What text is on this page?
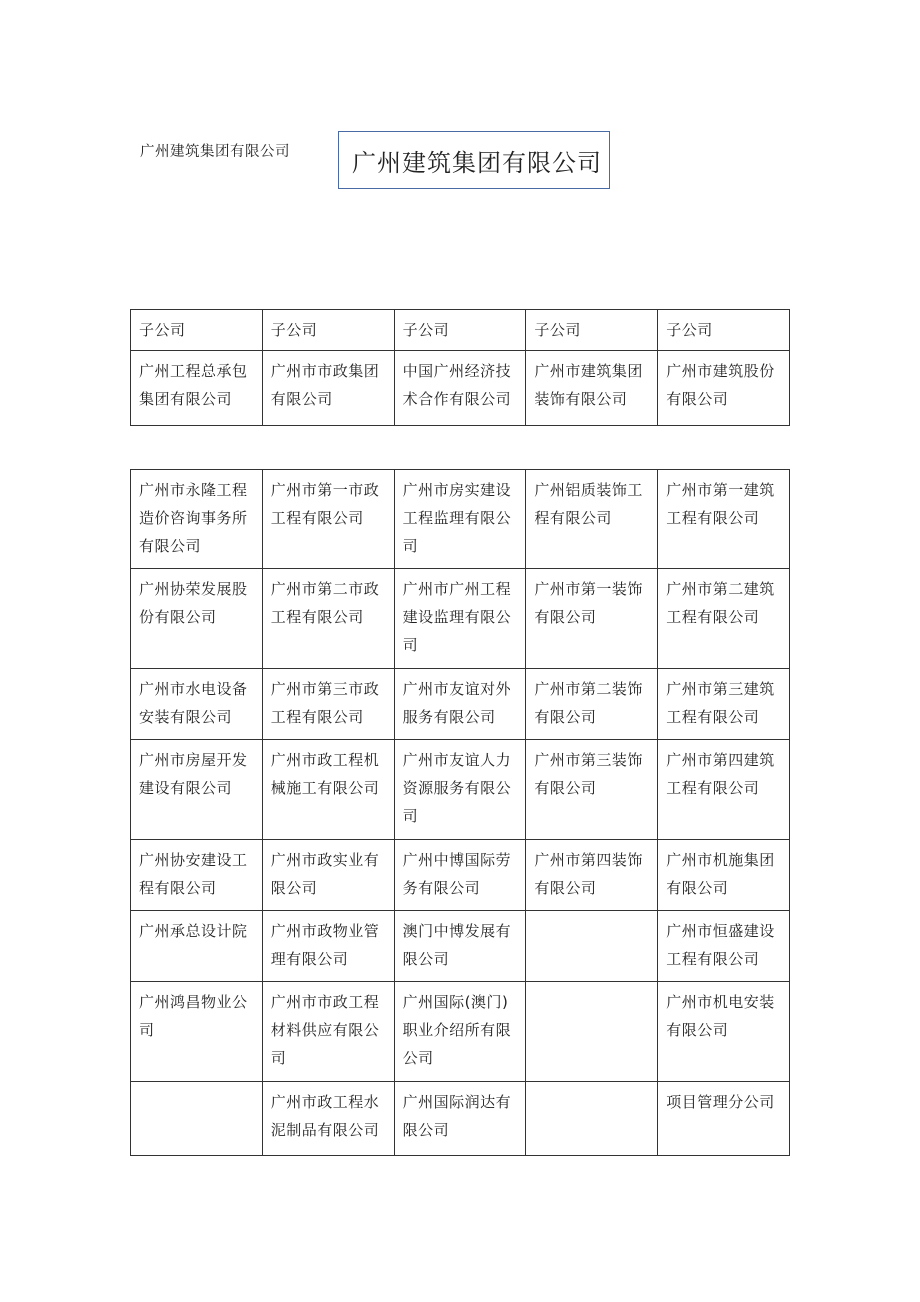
广州建筑集团有限公司	广州建筑集团有限公司
子公司	子公司	子公司	子公司	子公司
广州工程总承包集团有限公司	广州市市政集团有限公司	中国广州经济技术合作有限公司	广州市建筑集团装饰有限公司	广州市建筑股份有限公司
广州市永隆工程造价咨询事务所有限公司	广州市第一市政工程有限公司	广州市房实建设工程监理有限公司	广州铝质装饰工程有限公司	广州市第一建筑工程有限公司
广州协荣发展股份有限公司	广州市第二市政工程有限公司	广州市广州工程建设监理有限公司	广州市第一装饰有限公司	广州市第二建筑工程有限公司
广州市水电设备安装有限公司	广州市第三市政工程有限公司	广州市友谊对外服务有限公司	广州市第二装饰有限公司	广州市第三建筑工程有限公司
广州市房屋开发建设有限公司	广州市政工程机械施工有限公司	广州市友谊人力资源服务有限公司	广州市第三装饰有限公司	广州市第四建筑工程有限公司
广州协安建设工程有限公司	广州市政实业有限公司	广州中博国际劳务有限公司	广州市第四装饰有限公司	广州市机施集团有限公司
广州承总设计院	广州市政物业管理有限公司	澳门中博发展有限公司		广州市恒盛建设工程有限公司
广州鸿昌物业公司	广州市市政工程材料供应有限公司	广州国际(澳门)职业介绍所有限公司		广州市机电安装有限公司
	广州市政工程水泥制品有限公司	广州国际润达有限公司		项目管理分公司
